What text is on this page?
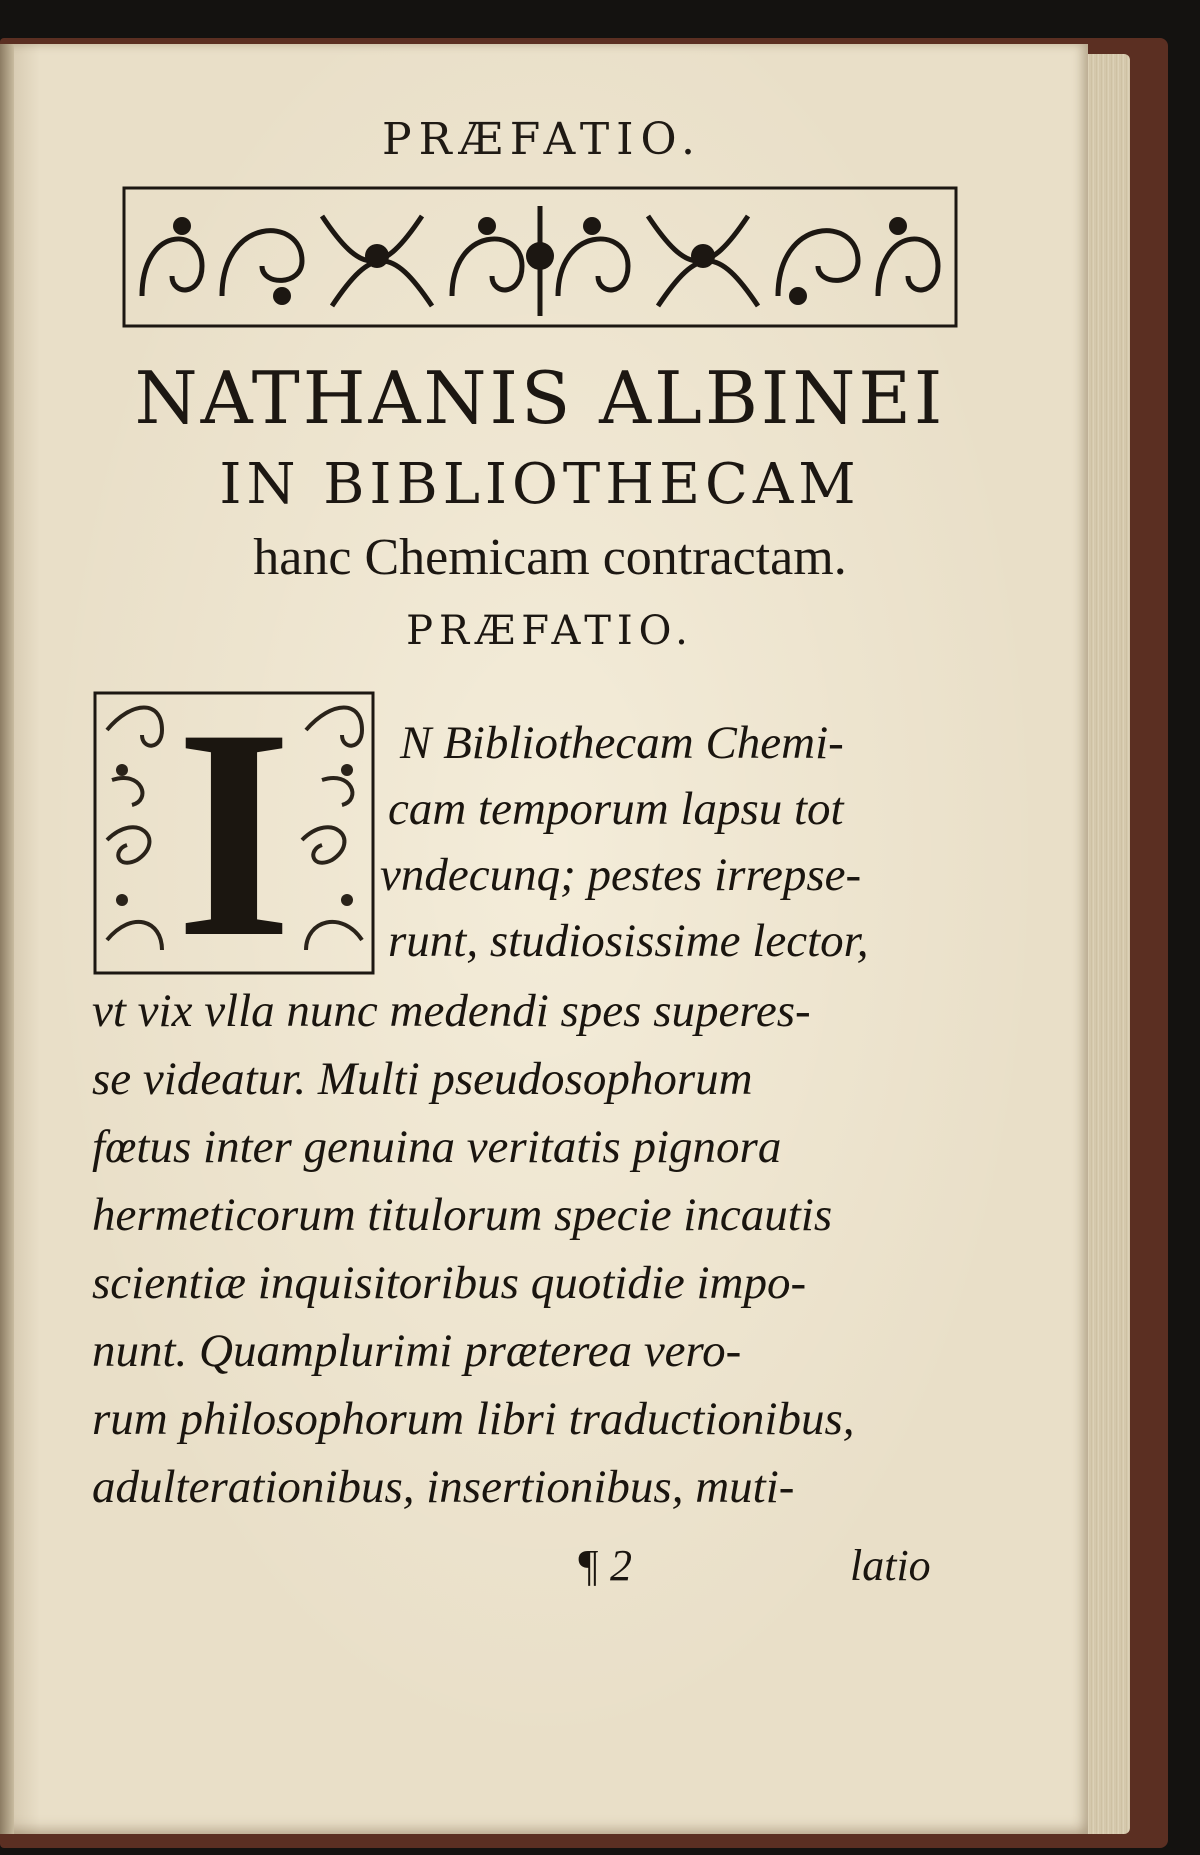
PRÆFATIO.
NATHANIS ALBINEI
IN BIBLIOTHECAM
hanc Chemicam contractam.
PRÆFATIO.
I	N Bibliothecam Chemi-
cam temporum lapsu tot
vndecunq; pestes irrepse-
runt, studiosissime lector,
vt vix vlla nunc medendi spes superes-
se videatur. Multi pseudosophorum
fœtus inter genuina veritatis pignora
hermeticorum titulorum specie incautis
scientiæ inquisitoribus quotidie impo-
nunt. Quamplurimi præterea vero-
rum philosophorum libri traductionibus,
adulterationibus, insertionibus, muti-
¶ 2	latio
